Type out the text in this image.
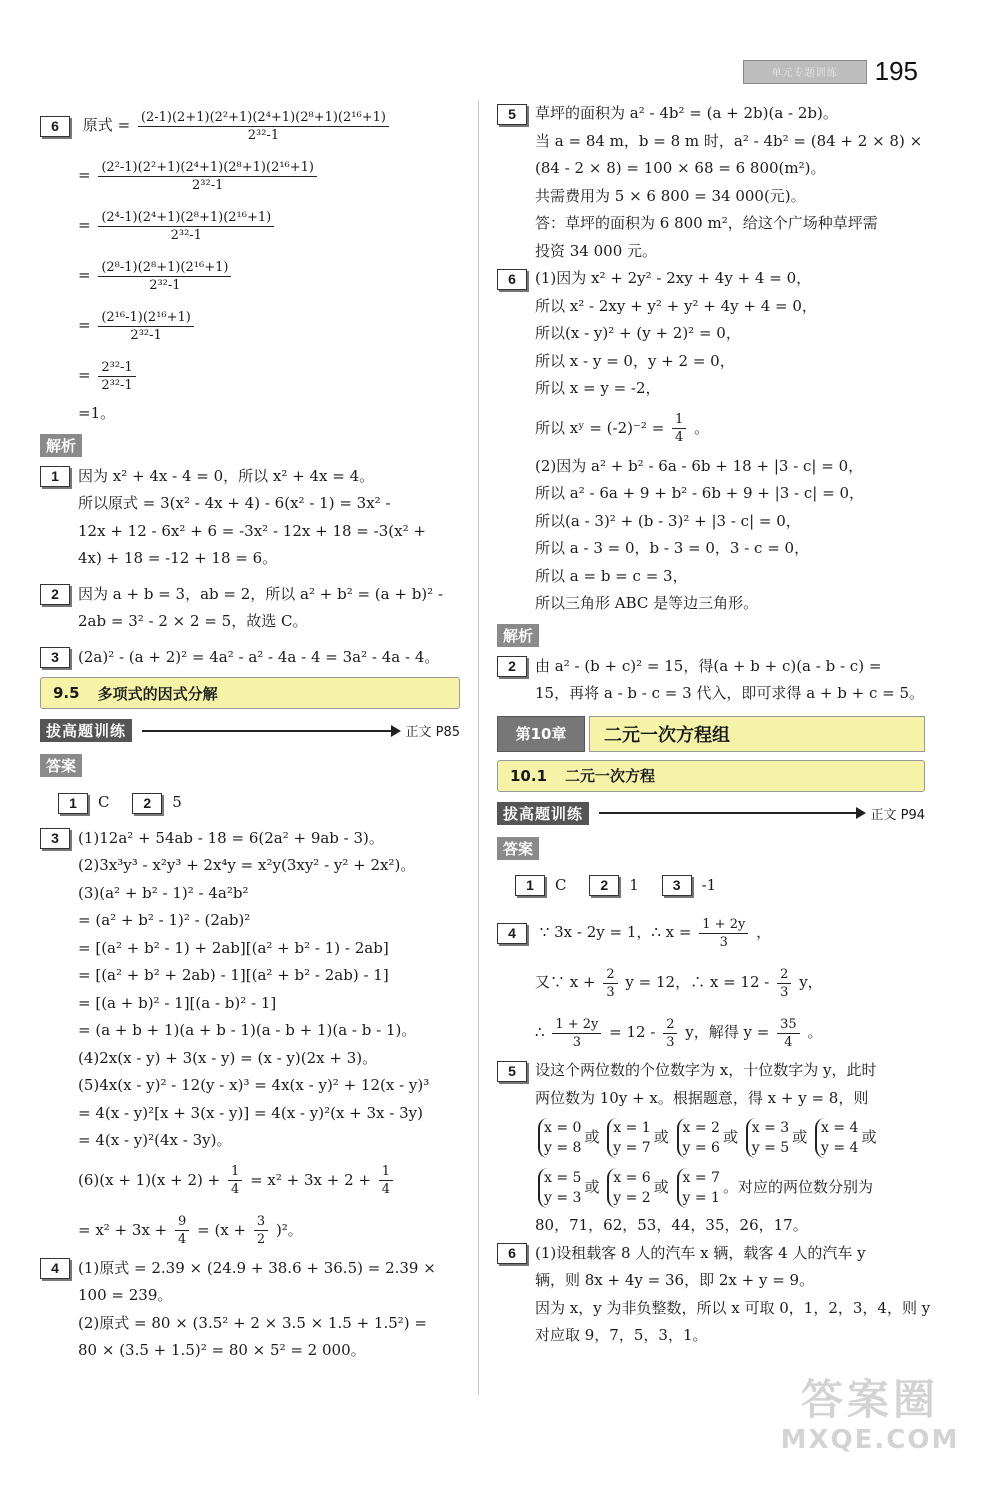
单元专题训练	195
6 原式 = $\frac{\text{(2-1)(2+1)(2²+1)(2⁴+1)(2⁸+1)(2¹⁶+1)}}{\text{2³²-1}}$
= $\frac{\text{(2²-1)(2²+1)(2⁴+1)(2⁸+1)(2¹⁶+1)}}{\text{2³²-1}}$
= $\frac{\text{(2⁴-1)(2⁴+1)(2⁸+1)(2¹⁶+1)}}{\text{2³²-1}}$
= $\frac{\text{(2⁸-1)(2⁸+1)(2¹⁶+1)}}{\text{2³²-1}}$
= $\frac{\text{(2¹⁶-1)(2¹⁶+1)}}{\text{2³²-1}}$
= $\frac{\text{2³²-1}}{\text{2³²-1}}$
=1。
解析
1 因为 x² + 4x - 4 = 0，所以 x² + 4x = 4。
所以原式 = 3(x² - 4x + 4) - 6(x² - 1) = 3x² -
12x + 12 - 6x² + 6 = -3x² - 12x + 18 = -3(x² +
4x) + 18 = -12 + 18 = 6。
2 因为 a + b = 3，ab = 2，所以 a² + b² = (a + b)² -
2ab = 3² - 2 × 2 = 5，故选 C。
3 (2a)² - (a + 2)² = 4a² - a² - 4a - 4 = 3a² - 4a - 4。
9.5 多项式的因式分解
拔高题训练	正文 P85
答案
1 C 2 5
3 (1)12a² + 54ab - 18 = 6(2a² + 9ab - 3)。
(2)3x³y³ - x²y³ + 2x⁴y = x²y(3xy² - y² + 2x²)。
(3)(a² + b² - 1)² - 4a²b²
= (a² + b² - 1)² - (2ab)²
= [(a² + b² - 1) + 2ab][(a² + b² - 1) - 2ab]
= [(a² + b² + 2ab) - 1][(a² + b² - 2ab) - 1]
= [(a + b)² - 1][(a - b)² - 1]
= (a + b + 1)(a + b - 1)(a - b + 1)(a - b - 1)。
(4)2x(x - y) + 3(x - y) = (x - y)(2x + 3)。
(5)4x(x - y)² - 12(y - x)³ = 4x(x - y)² + 12(x - y)³
= 4(x - y)²[x + 3(x - y)] = 4(x - y)²(x + 3x - 3y)
= 4(x - y)²(4x - 3y)。
$(6)(x + 1)(x + 2) + \frac{1}{4} = x^2 + 3x + 2 + \frac{1}{4}$
= $x^2 + 3x + \frac{9}{4} = (x + \frac{3}{2} )^2$。
4 (1)原式 = 2.39 × (24.9 + 38.6 + 36.5) = 2.39 ×
100 = 239。
(2)原式 = 80 × (3.5² + 2 × 3.5 × 1.5 + 1.5²) =
80 × (3.5 + 1.5)² = 80 × 5² = 2 000。
5 草坪的面积为 a² - 4b² = (a + 2b)(a - 2b)。
当 a = 84 m，b = 8 m 时，a² - 4b² = (84 + 2 × 8) ×
(84 - 2 × 8) = 100 × 68 = 6 800(m²)。
共需费用为 5 × 6 800 = 34 000(元)。
答：草坪的面积为 6 800 m²，给这个广场种草坪需
投资 34 000 元。
6 (1)因为 x² + 2y² - 2xy + 4y + 4 = 0，
所以 x² - 2xy + y² + y² + 4y + 4 = 0，
所以(x - y)² + (y + 2)² = 0，
所以 x - y = 0，y + 2 = 0，
所以 x = y = -2，
所以 xʸ = $(-2)^{-2} = \frac{1}{4}$ 。
(2)因为 a² + b² - 6a - 6b + 18 + |3 - c| = 0，
所以 a² - 6a + 9 + b² - 6b + 9 + |3 - c| = 0，
所以(a - 3)² + (b - 3)² + |3 - c| = 0，
所以 a - 3 = 0，b - 3 = 0，3 - c = 0，
所以 a = b = c = 3，
所以三角形 ABC 是等边三角形。
解析
2 由 a² - (b + c)² = 15，得(a + b + c)(a - b - c) =
15，再将 a - b - c = 3 代入，即可求得 a + b + c = 5。
第10章	二元一次方程组
10.1 二元一次方程
拔高题训练	正文 P94
答案
1 C 2 1 3 -1
4 ∵ 3x - 2y = 1，∴ $x = \frac{1 + 2y}{3}$ ，
又∵ $x + \frac{2}{3}$ y = 12，∴ $x = 12 - \frac{2}{3}$ y，
∴ $\frac{1 + 2y}{3} = 12 - \frac{2}{3}$ y，解得 $y = \frac{35}{4}$ 。
5 设这个两位数的个位数字为 x，十位数字为 y，此时
两位数为 10y + x。根据题意，得 x + y = 8，则
x = 0
y = 8或 x = 1
y = 7或 x = 2
y = 6或 x = 3
y = 5或 x = 4
y = 4或
x = 5
y = 3或 x = 6
y = 2或 x = 7
y = 1。对应的两位数分别为
80，71，62，53，44，35，26，17。
6 (1)设租载客 8 人的汽车 x 辆，载客 4 人的汽车 y
辆，则 8x + 4y = 36，即 2x + y = 9。
因为 x，y 为非负整数，所以 x 可取 0，1，2，3，4，则 y
对应取 9，7，5，3，1。
答案圈
MXQE.COM
